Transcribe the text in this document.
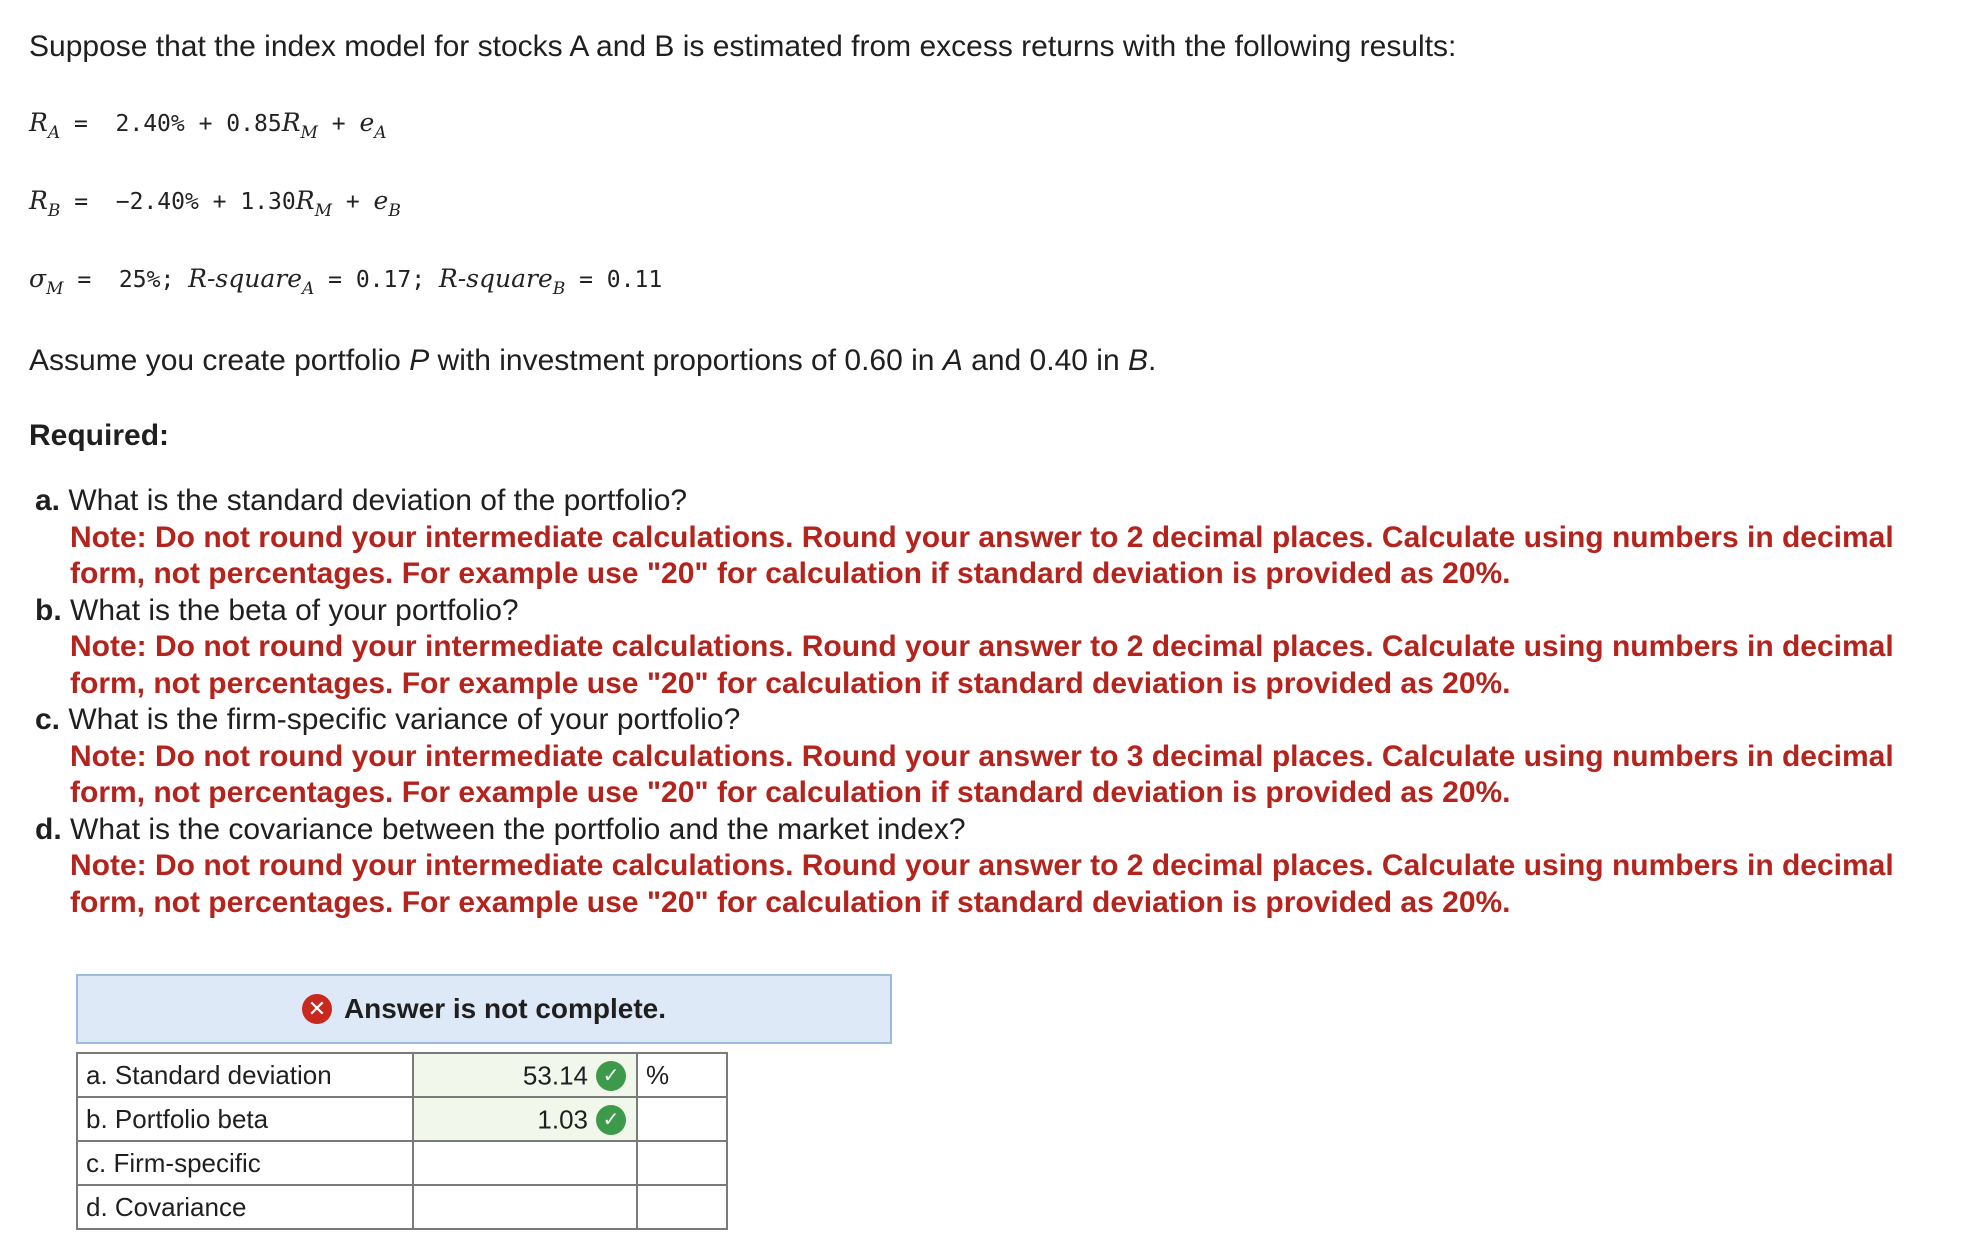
Suppose that the index model for stocks A and B is estimated from excess returns with the following results:
$R_A = 2.40\% + 0.85R_M + e_A$
$R_B = -2.40\% + 1.30R_M + e_B$
$\sigma_M = 25\%$; R-square$_A$ = 0.17; R-square$_B$ = 0.11
Assume you create portfolio P with investment proportions of 0.60 in A and 0.40 in B.
Required:
a. What is the standard deviation of the portfolio?
Note: Do not round your intermediate calculations. Round your answer to 2 decimal places. Calculate using numbers in decimal form, not percentages. For example use "20" for calculation if standard deviation is provided as 20%.
b. What is the beta of your portfolio?
Note: Do not round your intermediate calculations. Round your answer to 2 decimal places. Calculate using numbers in decimal form, not percentages. For example use "20" for calculation if standard deviation is provided as 20%.
c. What is the firm-specific variance of your portfolio?
Note: Do not round your intermediate calculations. Round your answer to 3 decimal places. Calculate using numbers in decimal form, not percentages. For example use "20" for calculation if standard deviation is provided as 20%.
d. What is the covariance between the portfolio and the market index?
Note: Do not round your intermediate calculations. Round your answer to 2 decimal places. Calculate using numbers in decimal form, not percentages. For example use "20" for calculation if standard deviation is provided as 20%.
✕ Answer is not complete.
a. Standard deviation	53.14 ✓	%
b. Portfolio beta	1.03 ✓	
c. Firm-specific		
d. Covariance		
